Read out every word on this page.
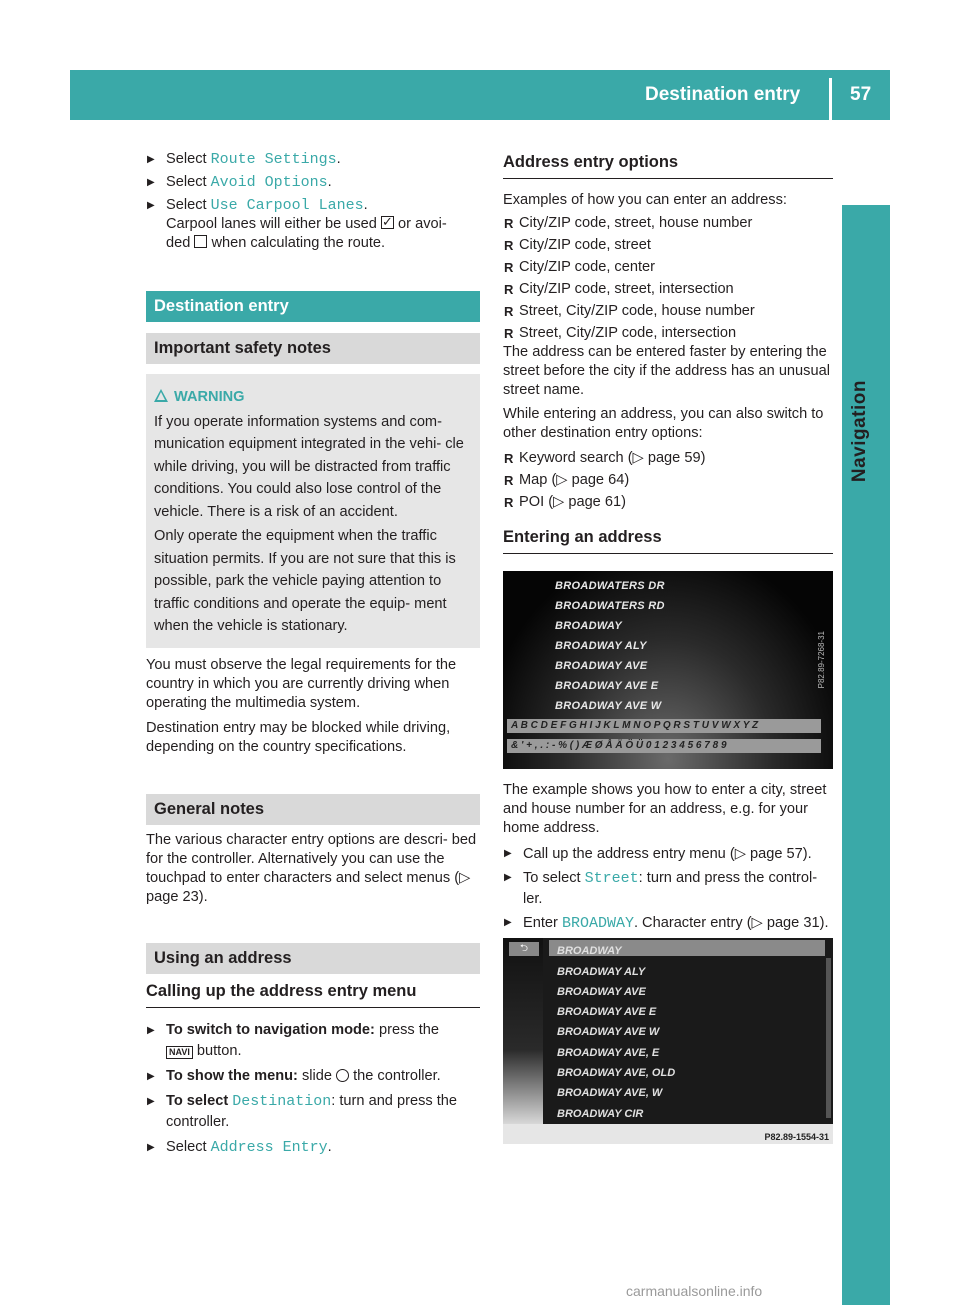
Destination entry	57
Navigation
▶ Select Route Settings.
▶ Select Avoid Options.
▶ Select Use Carpool Lanes.
Carpool lanes will either be used ✓ or avoi-
ded when calculating the route.
Destination entry
Important safety notes
WARNING

If you operate information systems and com- munication equipment integrated in the vehi- cle while driving, you will be distracted from traffic conditions. You could also lose control of the vehicle. There is a risk of an accident.

Only operate the equipment when the traffic situation permits. If you are not sure that this is possible, park the vehicle paying attention to traffic conditions and operate the equip- ment when the vehicle is stationary.

You must observe the legal requirements for the country in which you are currently driving when operating the multimedia system.

Destination entry may be blocked while driving, depending on the country specifications.

General notes

The various character entry options are descri- bed for the controller. Alternatively you can use the touchpad to enter characters and select menus (▷ page 23).

Using an address
Calling up the address entry menu
▶ To switch to navigation mode: press the
NAVI button.
▶ To show the menu: slide  the controller.
▶ To select Destination: turn and press the controller.
▶ Select Address Entry.
Address entry options

Examples of how you can enter an address:

R City/ZIP code, street, house number
R City/ZIP code, street
R City/ZIP code, center
R City/ZIP code, street, intersection
R Street, City/ZIP code, house number
R Street, City/ZIP code, intersection

The address can be entered faster by entering the street before the city if the address has an unusual street name.

While entering an address, you can also switch to other destination entry options:

R Keyword search (▷ page 59)
R Map (▷ page 64)
R POI (▷ page 61)
Entering an address
BROADWATERS DR
BROADWATERS RD
BROADWAY
BROADWAY ALY
BROADWAY AVE
BROADWAY AVE E
BROADWAY AVE W
A B C D E F G H I J K L M N O P Q R S T U V W X Y Z
& ' + , . : - % ( ) Æ Ø Å Ä Ö Ü 0 1 2 3 4 5 6 7 8 9
P82.89-7268-31

The example shows you how to enter a city, street and house number for an address, e.g. for your home address.

▶ Call up the address entry menu (▷ page 57).
▶ To select Street: turn and press the control- ler.
▶ Enter BROADWAY. Character entry (▷ page 31).
⮌	BROADWAY
BROADWAY ALY
BROADWAY AVE
BROADWAY AVE E
BROADWAY AVE W
BROADWAY AVE, E
BROADWAY AVE, OLD
BROADWAY AVE, W
BROADWAY CIR
P82.89-1554-31
carmanualsonline.info
